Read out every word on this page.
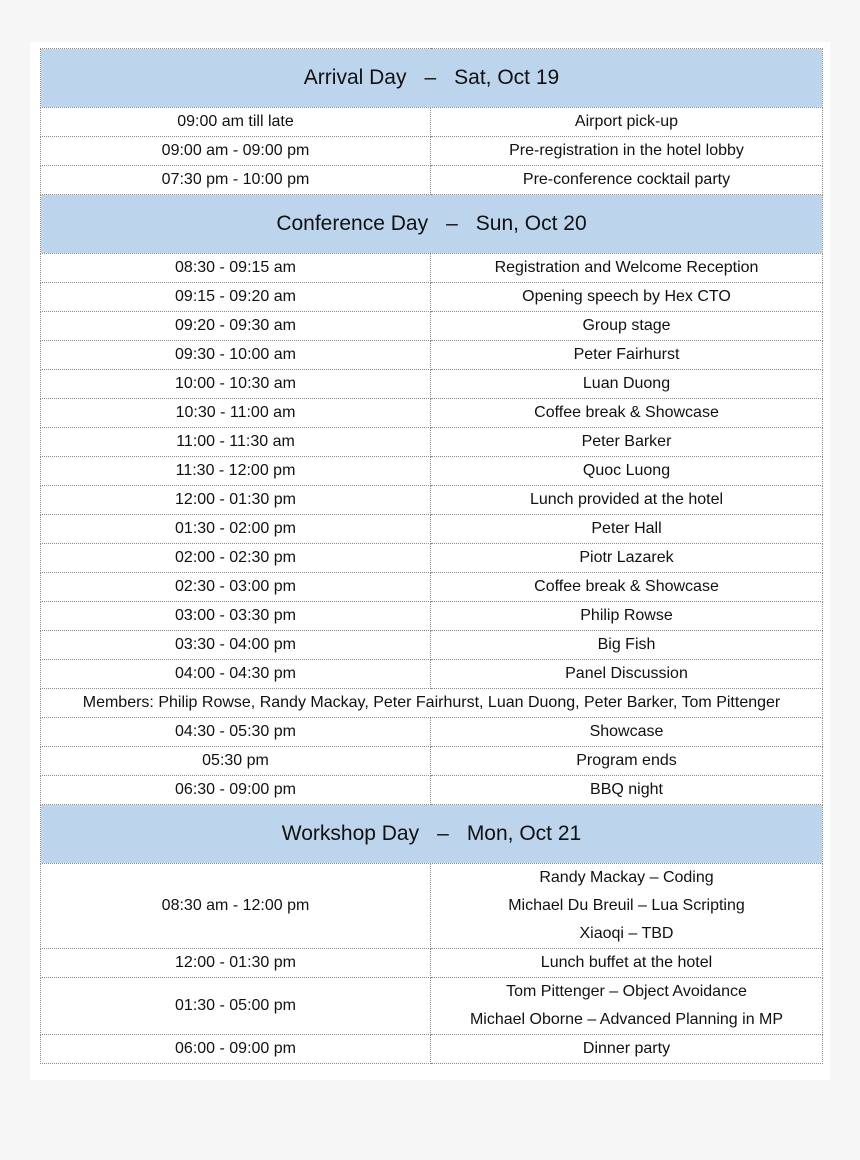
Arrival Day – Sat, Oct 19	
09:00 am till late	Airport pick-up

09:00 am - 09:00 pm	Pre-registration in the hotel lobby

07:30 pm - 10:00 pm	Pre-conference cocktail party

Conference Day – Sun, Oct 20	
08:30 - 09:15 am	Registration and Welcome Reception

09:15 - 09:20 am	Opening speech by Hex CTO

09:20 - 09:30 am	Group stage

09:30 - 10:00 am	Peter Fairhurst

10:00 - 10:30 am	Luan Duong

10:30 - 11:00 am	Coffee break & Showcase

11:00 - 11:30 am	Peter Barker

11:30 - 12:00 pm	Quoc Luong

12:00 - 01:30 pm	Lunch provided at the hotel

01:30 - 02:00 pm	Peter Hall

02:00 - 02:30 pm	Piotr Lazarek

02:30 - 03:00 pm	Coffee break & Showcase

03:00 - 03:30 pm	Philip Rowse

03:30 - 04:00 pm	Big Fish

04:00 - 04:30 pm	Panel Discussion

Members: Philip Rowse, Randy Mackay, Peter Fairhurst, Luan Duong, Peter Barker, Tom Pittenger	
04:30 - 05:30 pm	Showcase

05:30 pm	Program ends

06:30 - 09:00 pm	BBQ night

Workshop Day – Mon, Oct 21	
08:30 am - 12:00 pm	Randy Mackay – Coding
Michael Du Breuil – Lua Scripting
Xiaoqi – TBD

12:00 - 01:30 pm	Lunch buffet at the hotel

01:30 - 05:00 pm	Tom Pittenger – Object Avoidance
Michael Oborne – Advanced Planning in MP

06:00 - 09:00 pm	Dinner party
